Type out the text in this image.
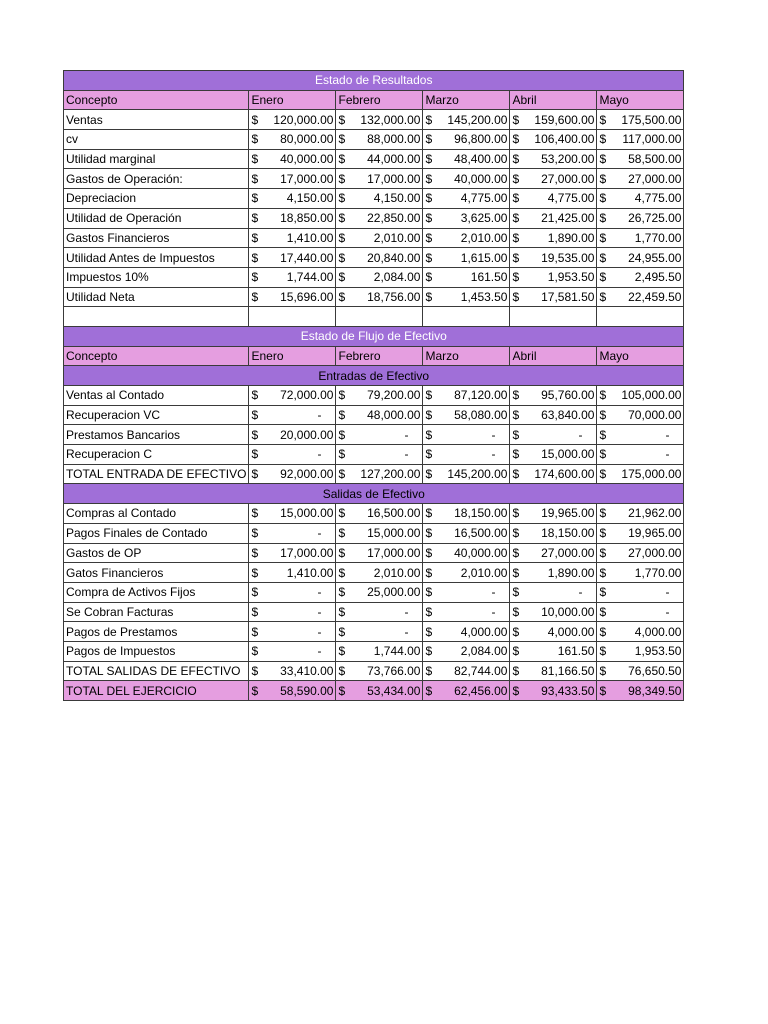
Estado de Resultados					
Concepto	Enero	Febrero	Marzo	Abril	Mayo
Ventas	$ 120,000.00	$ 132,000.00	$ 145,200.00	$ 159,600.00	$ 175,500.00

cv	$ 80,000.00	$ 88,000.00	$ 96,800.00	$ 106,400.00	$ 117,000.00

Utilidad marginal	$ 40,000.00	$ 44,000.00	$ 48,400.00	$ 53,200.00	$ 58,500.00

Gastos de Operación:	$ 17,000.00	$ 17,000.00	$ 40,000.00	$ 27,000.00	$ 27,000.00

Depreciacion	$ 4,150.00	$ 4,150.00	$ 4,775.00	$ 4,775.00	$ 4,775.00

Utilidad de Operación	$ 18,850.00	$ 22,850.00	$ 3,625.00	$ 21,425.00	$ 26,725.00

Gastos Financieros	$ 1,410.00	$ 2,010.00	$ 2,010.00	$ 1,890.00	$ 1,770.00

Utilidad Antes de Impuestos	$ 17,440.00	$ 20,840.00	$ 1,615.00	$ 19,535.00	$ 24,955.00

Impuestos 10%	$ 1,744.00	$ 2,084.00	$ 161.50	$ 1,953.50	$ 2,495.50

Utilidad Neta	$ 15,696.00	$ 18,756.00	$ 1,453.50	$ 17,581.50	$ 22,459.50

Estado de Flujo de Efectivo					
Concepto	Enero	Febrero	Marzo	Abril	Mayo
Entradas de Efectivo					
Ventas al Contado	$ 72,000.00	$ 79,200.00	$ 87,120.00	$ 95,760.00	$ 105,000.00

Recuperacion VC	$ -	$ 48,000.00	$ 58,080.00	$ 63,840.00	$ 70,000.00

Prestamos Bancarios	$ 20,000.00	$ -	$ -	$ -	$ -

Recuperacion C	$ -	$ -	$ -	$ 15,000.00	$ -

TOTAL ENTRADA DE EFECTIVO	$ 92,000.00	$ 127,200.00	$ 145,200.00	$ 174,600.00	$ 175,000.00

Salidas de Efectivo					
Compras al Contado	$ 15,000.00	$ 16,500.00	$ 18,150.00	$ 19,965.00	$ 21,962.00

Pagos Finales de Contado	$ -	$ 15,000.00	$ 16,500.00	$ 18,150.00	$ 19,965.00

Gastos de OP	$ 17,000.00	$ 17,000.00	$ 40,000.00	$ 27,000.00	$ 27,000.00

Gatos Financieros	$ 1,410.00	$ 2,010.00	$ 2,010.00	$ 1,890.00	$ 1,770.00

Compra de Activos Fijos	$ -	$ 25,000.00	$ -	$ -	$ -

Se Cobran Facturas	$ -	$ -	$ -	$ 10,000.00	$ -

Pagos de Prestamos	$ -	$ -	$ 4,000.00	$ 4,000.00	$ 4,000.00

Pagos de Impuestos	$ -	$ 1,744.00	$ 2,084.00	$ 161.50	$ 1,953.50

TOTAL SALIDAS DE EFECTIVO	$ 33,410.00	$ 73,766.00	$ 82,744.00	$ 81,166.50	$ 76,650.50

TOTAL DEL EJERCICIO	$ 58,590.00	$ 53,434.00	$ 62,456.00	$ 93,433.50	$ 98,349.50
